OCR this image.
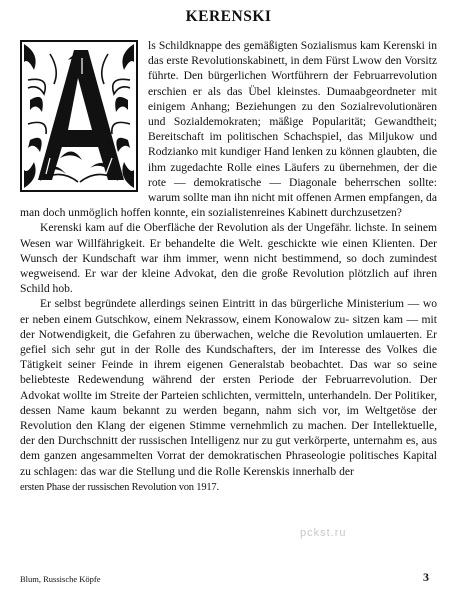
KERENSKI

ls Schildknappe des gemäßigten Sozialismus kam Kerenski in das erste Revolutionskabinett, in dem Fürst Lwow den Vorsitz führte. Den bürgerlichen Wortführern der Februarrevolution erschien er als das Übel kleinstes. Dumaabgeordneter mit einigem Anhang; Beziehungen zu den Sozialrevolutionären und Sozialdemokraten; mäßige Popularität; Gewandtheit; Bereitschaft im politischen Schachspiel, das Miljukow und Rodzianko mit kundiger Hand lenken zu können glaubten, die ihm zugedachte Rolle eines Läufers zu übernehmen, der die rote — demokratische — Diagonale beherrschen sollte: warum sollte man ihn nicht mit offenen Armen empfangen, da man doch unmöglich hoffen konnte, ein sozialistenreines Kabinett durchzusetzen?

Kerenski kam auf die Oberfläche der Revolution als der Ungefähr. lichste. In seinem Wesen war Willfährigkeit. Er behandelte die Welt. geschickte wie einen Klienten. Der Wunsch der Kundschaft war ihm immer, wenn nicht bestimmend, so doch zumindest wegweisend. Er war der kleine Advokat, den die große Revolution plötzlich auf ihren Schild hob.

Er selbst begründete allerdings seinen Eintritt in das bürgerliche Ministerium — wo er neben einem Gutschkow, einem Nekrassow, einem Konowalow zu- sitzen kam — mit der Notwendigkeit, die Gefahren zu überwachen, welche die Revolution umlauerten. Er gefiel sich sehr gut in der Rolle des Kundschafters, der im Interesse des Volkes die Tätigkeit seiner Feinde in ihrem eigenen Generalstab beobachtet. Das war so seine beliebteste Redewendung während der ersten Periode der Februarrevolution. Der Advokat wollte im Streite der Parteien schlichten, vermitteln, unterhandeln. Der Politiker, dessen Name kaum bekannt zu werden begann, nahm sich vor, im Weltgetöse der Revolution den Klang der eigenen Stimme vernehmlich zu machen. Der Intellektuelle, der den Durchschnitt der russischen Intelligenz nur zu gut verkörperte, unternahm es, aus dem ganzen angesammelten Vorrat der demokratischen Phraseologie politisches Kapital zu schlagen: das war die Stellung und die Rolle Kerenskis innerhalb der
ersten Phase der russischen Revolution von 1917.

pckst.ru
Blum, Russische Köpfe	3
